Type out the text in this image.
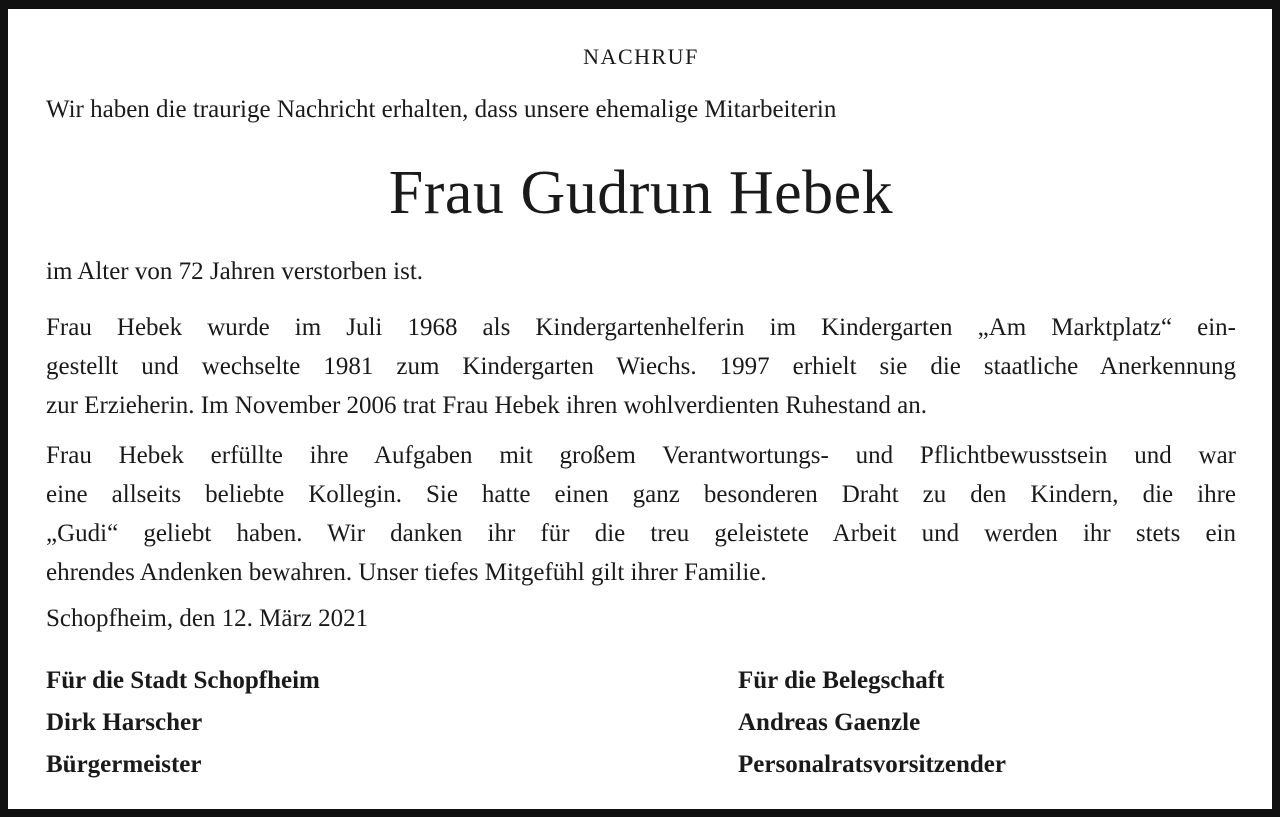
NACHRUF
Wir haben die traurige Nachricht erhalten, dass unsere ehemalige Mitarbeiterin
Frau Gudrun Hebek
im Alter von 72 Jahren verstorben ist.
Frau Hebek wurde im Juli 1968 als Kindergartenhelferin im Kindergarten „Am Marktplatz“ ein-
gestellt und wechselte 1981 zum Kindergarten Wiechs. 1997 erhielt sie die staatliche Anerkennung
zur Erzieherin. Im November 2006 trat Frau Hebek ihren wohlverdienten Ruhestand an.
Frau Hebek erfüllte ihre Aufgaben mit großem Verantwortungs- und Pflichtbewusstsein und war
eine allseits beliebte Kollegin. Sie hatte einen ganz besonderen Draht zu den Kindern, die ihre
„Gudi“ geliebt haben. Wir danken ihr für die treu geleistete Arbeit und werden ihr stets ein
ehrendes Andenken bewahren. Unser tiefes Mitgefühl gilt ihrer Familie.
Schopfheim, den 12. März 2021
Für die Stadt Schopfheim
Dirk Harscher
Bürgermeister
Für die Belegschaft
Andreas Gaenzle
Personalratsvorsitzender
